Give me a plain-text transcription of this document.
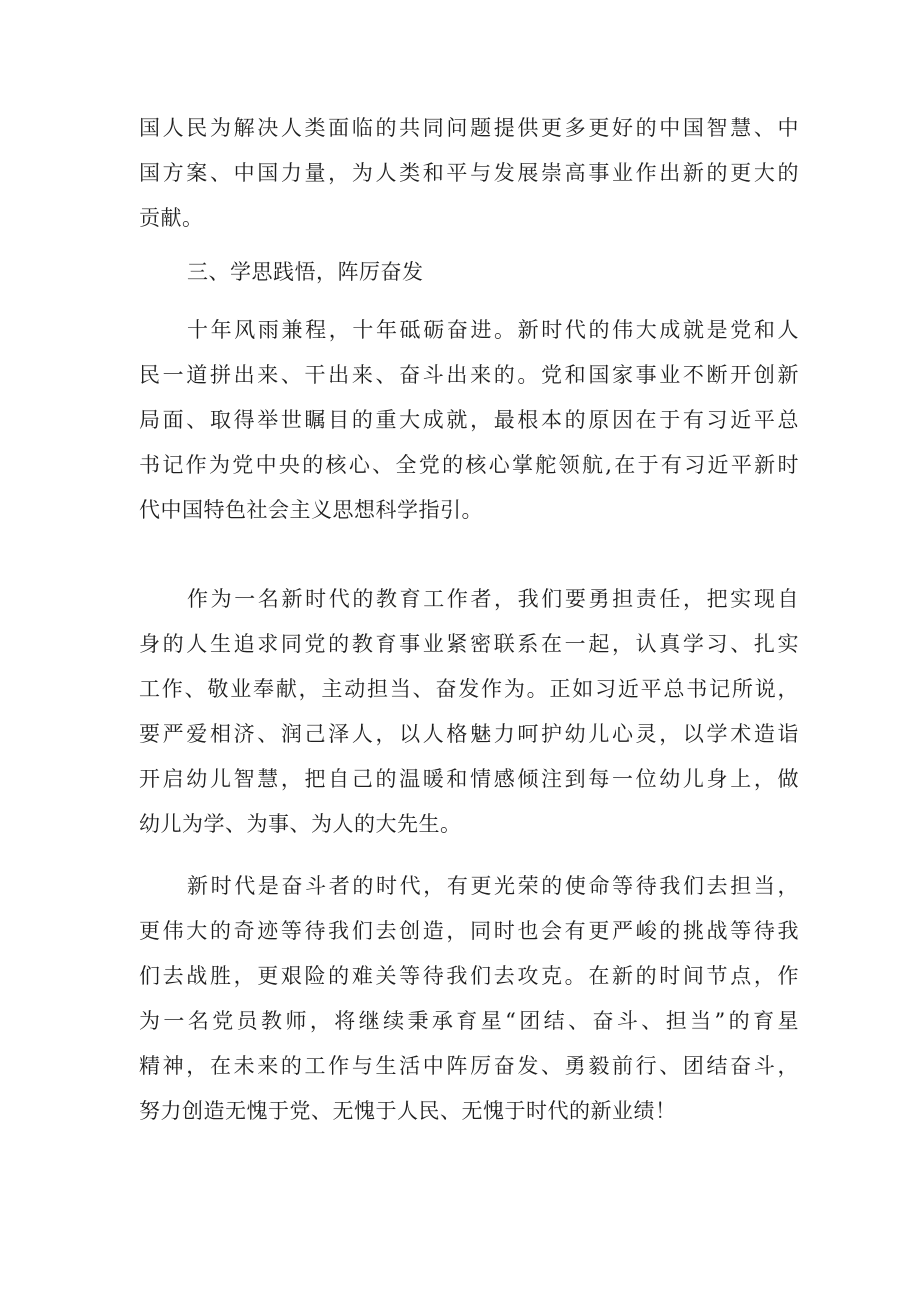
国人民为解决人类面临的共同问题提供更多更好的中国智慧、中
国方案、中国力量，为人类和平与发展崇高事业作出新的更大的
贡献。
三、学思践悟，阵厉奋发
十年风雨兼程，十年砥砺奋进。新时代的伟大成就是党和人
民一道拼出来、干出来、奋斗出来的。党和国家事业不断开创新
局面、取得举世瞩目的重大成就，最根本的原因在于有习近平总
书记作为党中央的核心、全党的核心掌舵领航,在于有习近平新时
代中国特色社会主义思想科学指引。
作为一名新时代的教育工作者，我们要勇担责任，把实现自
身的人生追求同党的教育事业紧密联系在一起，认真学习、扎实
工作、敬业奉献，主动担当、奋发作为。正如习近平总书记所说，
要严爱相济、润己泽人，以人格魅力呵护幼儿心灵，以学术造诣
开启幼儿智慧，把自己的温暖和情感倾注到每一位幼儿身上，做
幼儿为学、为事、为人的大先生。
新时代是奋斗者的时代，有更光荣的使命等待我们去担当，
更伟大的奇迹等待我们去创造，同时也会有更严峻的挑战等待我
们去战胜，更艰险的难关等待我们去攻克。在新的时间节点，作
为一名党员教师，将继续秉承育星“团结、奋斗、担当”的育星
精神，在未来的工作与生活中阵厉奋发、勇毅前行、团结奋斗，
努力创造无愧于党、无愧于人民、无愧于时代的新业绩！
